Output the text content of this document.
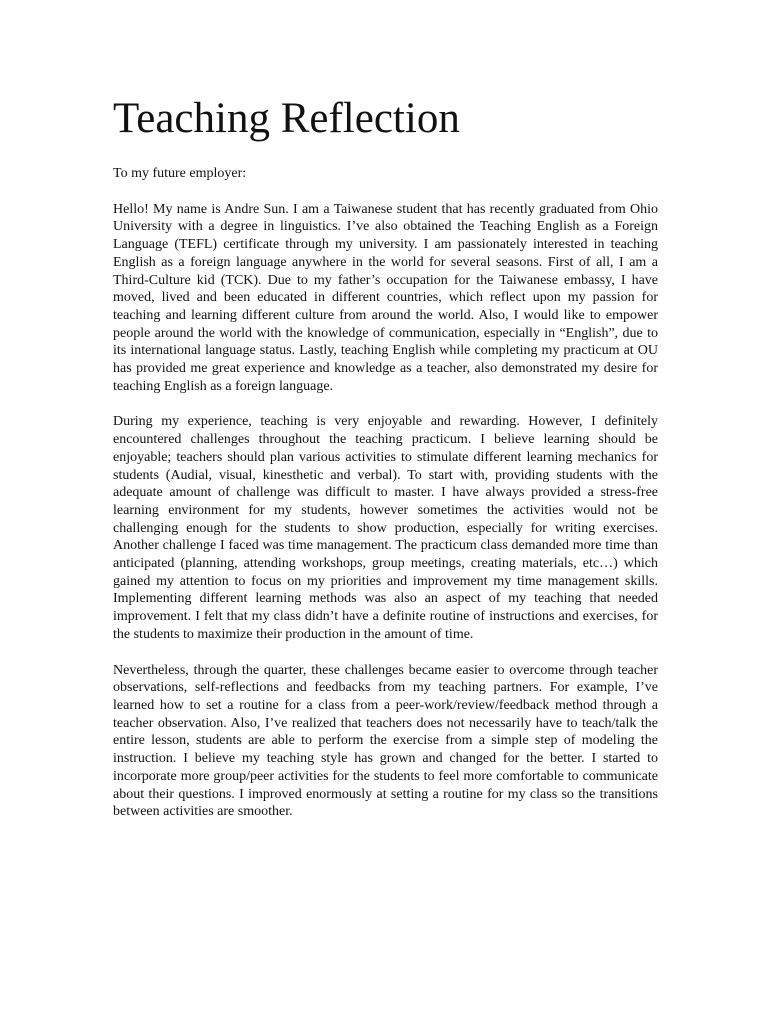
Teaching Reflection

To my future employer:

Hello! My name is Andre Sun. I am a Taiwanese student that has recently graduated from Ohio University with a degree in linguistics. I’ve also obtained the Teaching English as a Foreign Language (TEFL) certificate through my university. I am passionately interested in teaching English as a foreign language anywhere in the world for several seasons. First of all, I am a Third-Culture kid (TCK). Due to my father’s occupation for the Taiwanese embassy, I have moved, lived and been educated in different countries, which reflect upon my passion for teaching and learning different culture from around the world. Also, I would like to empower people around the world with the knowledge of communication, especially in “English”, due to its international language status. Lastly, teaching English while completing my practicum at OU has provided me great experience and knowledge as a teacher, also demonstrated my desire for teaching English as a foreign language.

During my experience, teaching is very enjoyable and rewarding. However, I definitely encountered challenges throughout the teaching practicum. I believe learning should be enjoyable; teachers should plan various activities to stimulate different learning mechanics for students (Audial, visual, kinesthetic and verbal). To start with, providing students with the adequate amount of challenge was difficult to master. I have always provided a stress-free learning environment for my students, however sometimes the activities would not be challenging enough for the students to show production, especially for writing exercises. Another challenge I faced was time management. The practicum class demanded more time than anticipated (planning, attending workshops, group meetings, creating materials, etc…) which gained my attention to focus on my priorities and improvement my time management skills. Implementing different learning methods was also an aspect of my teaching that needed improvement. I felt that my class didn’t have a definite routine of instructions and exercises, for the students to maximize their production in the amount of time.

Nevertheless, through the quarter, these challenges became easier to overcome through teacher observations, self-reflections and feedbacks from my teaching partners. For example, I’ve learned how to set a routine for a class from a peer-work/review/feedback method through a teacher observation. Also, I’ve realized that teachers does not necessarily have to teach/talk the entire lesson, students are able to perform the exercise from a simple step of modeling the instruction. I believe my teaching style has grown and changed for the better. I started to incorporate more group/peer activities for the students to feel more comfortable to communicate about their questions. I improved enormously at setting a routine for my class so the transitions between activities are smoother.
